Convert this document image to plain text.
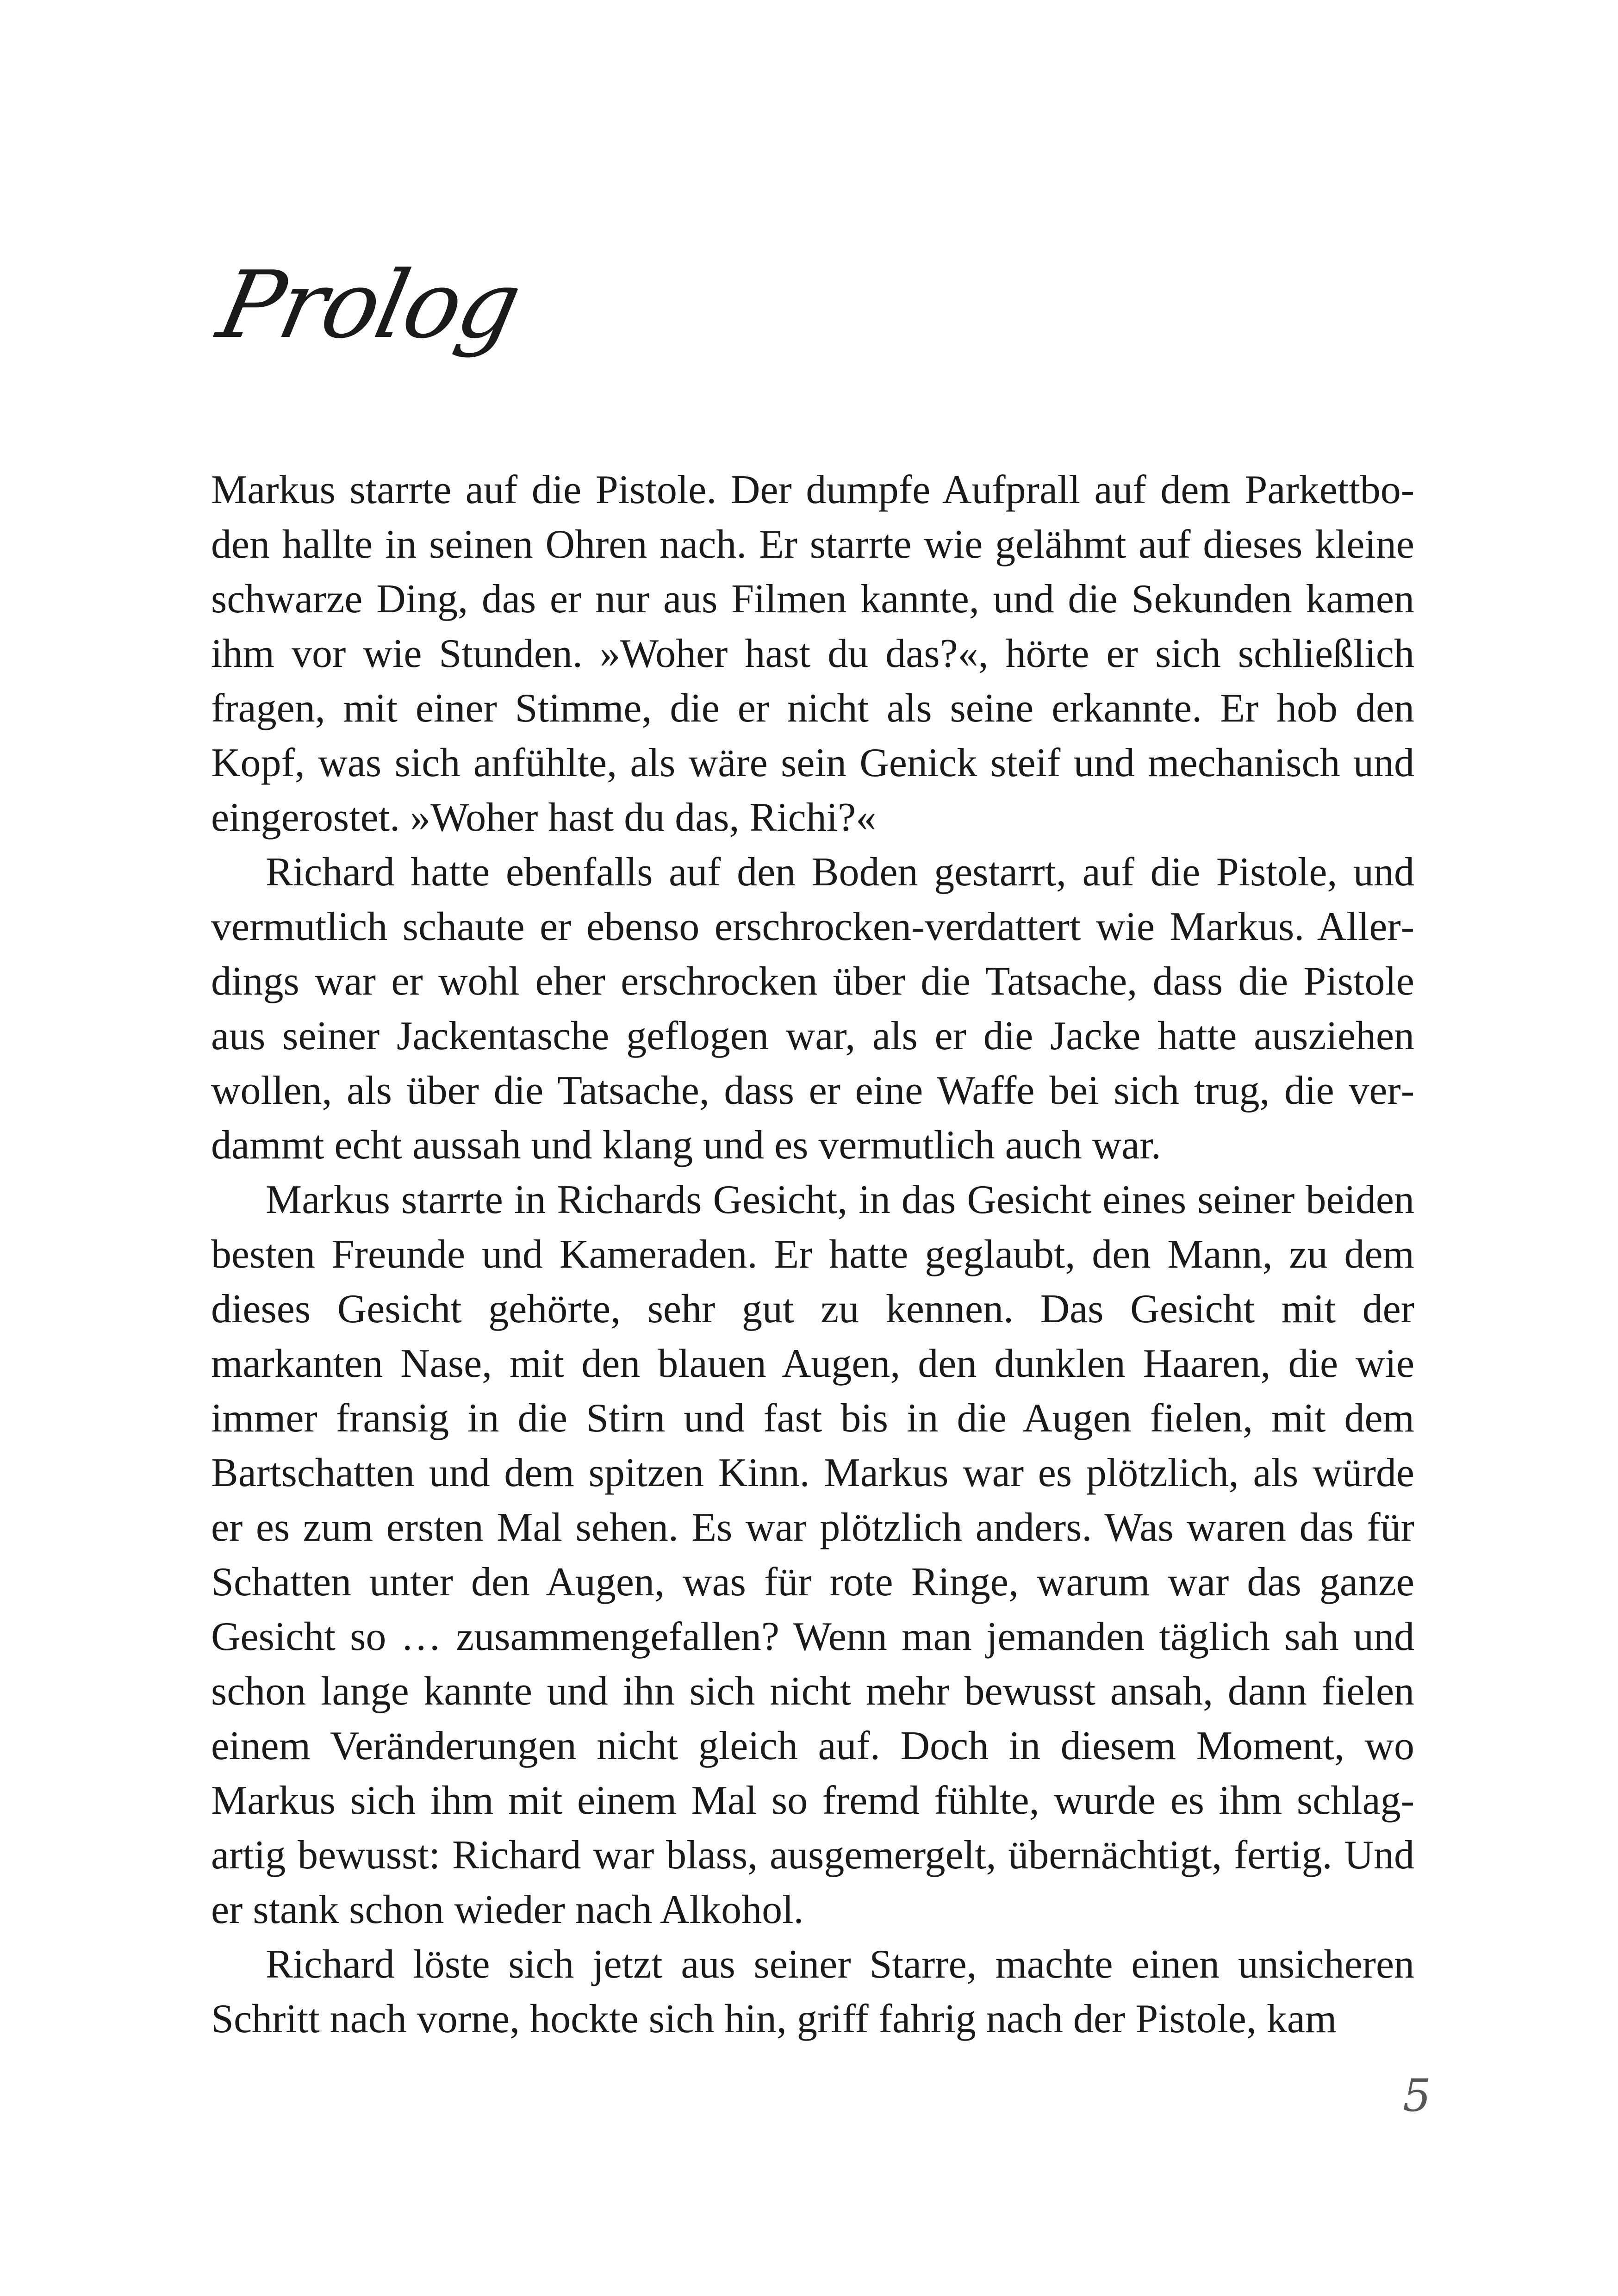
Prolog

Markus starrte auf die Pistole. Der dumpfe Aufprall auf dem Parkettboden hallte in seinen Ohren nach. Er starrte wie gelähmt auf dieses kleine schwarze Ding, das er nur aus Filmen kannte, und die Sekunden kamen ihm vor wie Stunden. »Woher hast du das?«, hörte er sich schließlich fragen, mit einer Stimme, die er nicht als seine erkannte. Er hob den Kopf, was sich anfühlte, als wäre sein Genick steif und mechanisch und eingerostet. »Woher hast du das, Richi?«

Richard hatte ebenfalls auf den Boden gestarrt, auf die Pistole, und vermutlich schaute er ebenso erschrocken-verdattert wie Markus. Allerdings war er wohl eher erschrocken über die Tatsache, dass die Pistole aus seiner Jackentasche geflogen war, als er die Jacke hatte ausziehen wollen, als über die Tatsache, dass er eine Waffe bei sich trug, die verdammt echt aussah und klang und es vermutlich auch war.

Markus starrte in Richards Gesicht, in das Gesicht eines seiner beiden besten Freunde und Kameraden. Er hatte geglaubt, den Mann, zu dem dieses Gesicht gehörte, sehr gut zu kennen. Das Gesicht mit der markanten Nase, mit den blauen Augen, den dunklen Haaren, die wie immer fransig in die Stirn und fast bis in die Augen fielen, mit dem Bartschatten und dem spitzen Kinn. Markus war es plötzlich, als würde er es zum ersten Mal sehen. Es war plötzlich anders. Was waren das für Schatten unter den Augen, was für rote Ringe, warum war das ganze Gesicht so … zusammengefallen? Wenn man jemanden täglich sah und schon lange kannte und ihn sich nicht mehr bewusst ansah, dann fielen einem Veränderungen nicht gleich auf. Doch in diesem Moment, wo Markus sich ihm mit einem Mal so fremd fühlte, wurde es ihm schlagartig bewusst: Richard war blass, ausgemergelt, übernächtigt, fertig. Und er stank schon wieder nach Alkohol.

Richard löste sich jetzt aus seiner Starre, machte einen unsicheren Schritt nach vorne, hockte sich hin, griff fahrig nach der Pistole, kam

5
